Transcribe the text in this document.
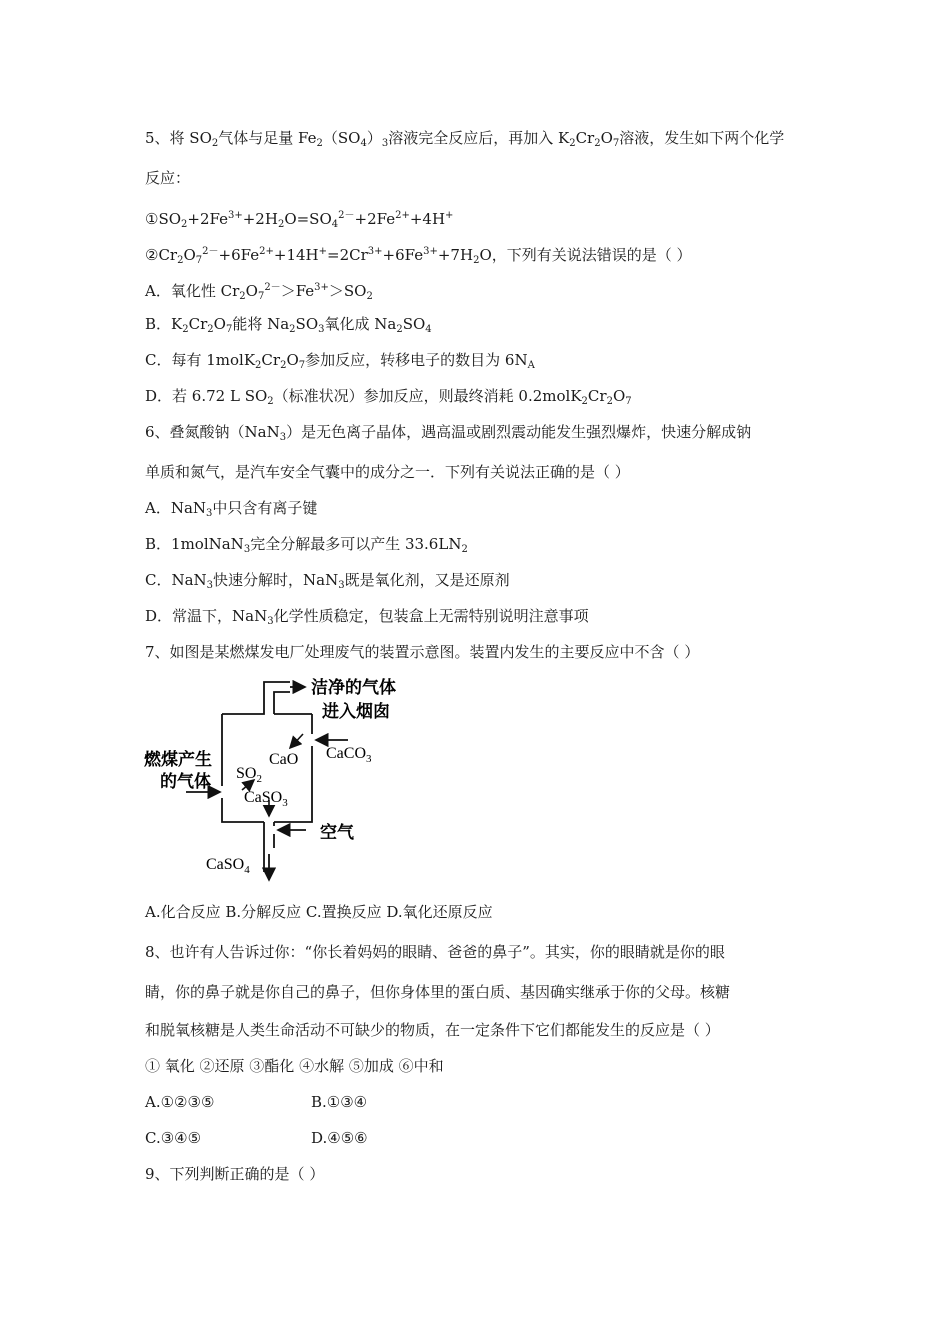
5、将 $SO_2$气体与足量 $Fe_2(SO_4)_3$溶液完全反应后，再加入 $K_2Cr_2O_7$溶液，发生如下两个化学
反应：
$①SO_2+2Fe^{3+}+2H_2O=SO_4^{2-}+2Fe^{2+}+4H^+$
$②Cr_2O_7^{2-}+6Fe^{2+}+14H^+=2Cr^{3+}+6Fe^{3+}+7H_2O$，下列有关说法错误的是（ ）
A．氧化性 $Cr_2O_7^{2-}>Fe^{3+}>SO_2$
B．$K_2Cr_2O_7$能将 $Na_2SO_3$氧化成 $Na_2SO_4$
C．每有 $1molK_2Cr_2O_7$参加反应，转移电子的数目为 $6N_A$
D．若 6.72 L $SO_2$（标准状况）参加反应，则最终消耗 $0.2molK_2Cr_2O_7$
6、叠氮酸钠（NaN$_3$）是无色离子晶体，遇高温或剧烈震动能发生强烈爆炸，快速分解成钠
单质和氮气，是汽车安全气囊中的成分之一．下列有关说法正确的是（ ）
A．NaN$_3$中只含有离子键
B．1molNaN$_3$完全分解最多可以产生 $33.6LN_2$
C．NaN$_3$快速分解时，NaN$_3$既是氧化剂，又是还原剂
D．常温下，NaN$_3$化学性质稳定，包装盒上无需特别说明注意事项
7、如图是某燃煤发电厂处理废气的装置示意图。装置内发生的主要反应中不含（ ）
洁净的气体
进入烟囱
燃煤产生
的气体
CaCO$_3$
CaO
$SO_2$
CaSO$_3$
空气
CaSO$_4$
A.化合反应 B.分解反应 C.置换反应 D.氧化还原反应
8、也许有人告诉过你：“你长着妈妈的眼睛、爸爸的鼻子”。其实，你的眼睛就是你的眼
睛，你的鼻子就是你自己的鼻子，但你身体里的蛋白质、基因确实继承于你的父母。核糖
和脱氧核糖是人类生命活动不可缺少的物质，在一定条件下它们都能发生的反应是（ ）
① 氧化 ②还原 ③酯化 ④水解 ⑤加成 ⑥中和
A.①②③⑤	B.①③④
C.③④⑤	D.④⑤⑥
9、下列判断正确的是（ ）
